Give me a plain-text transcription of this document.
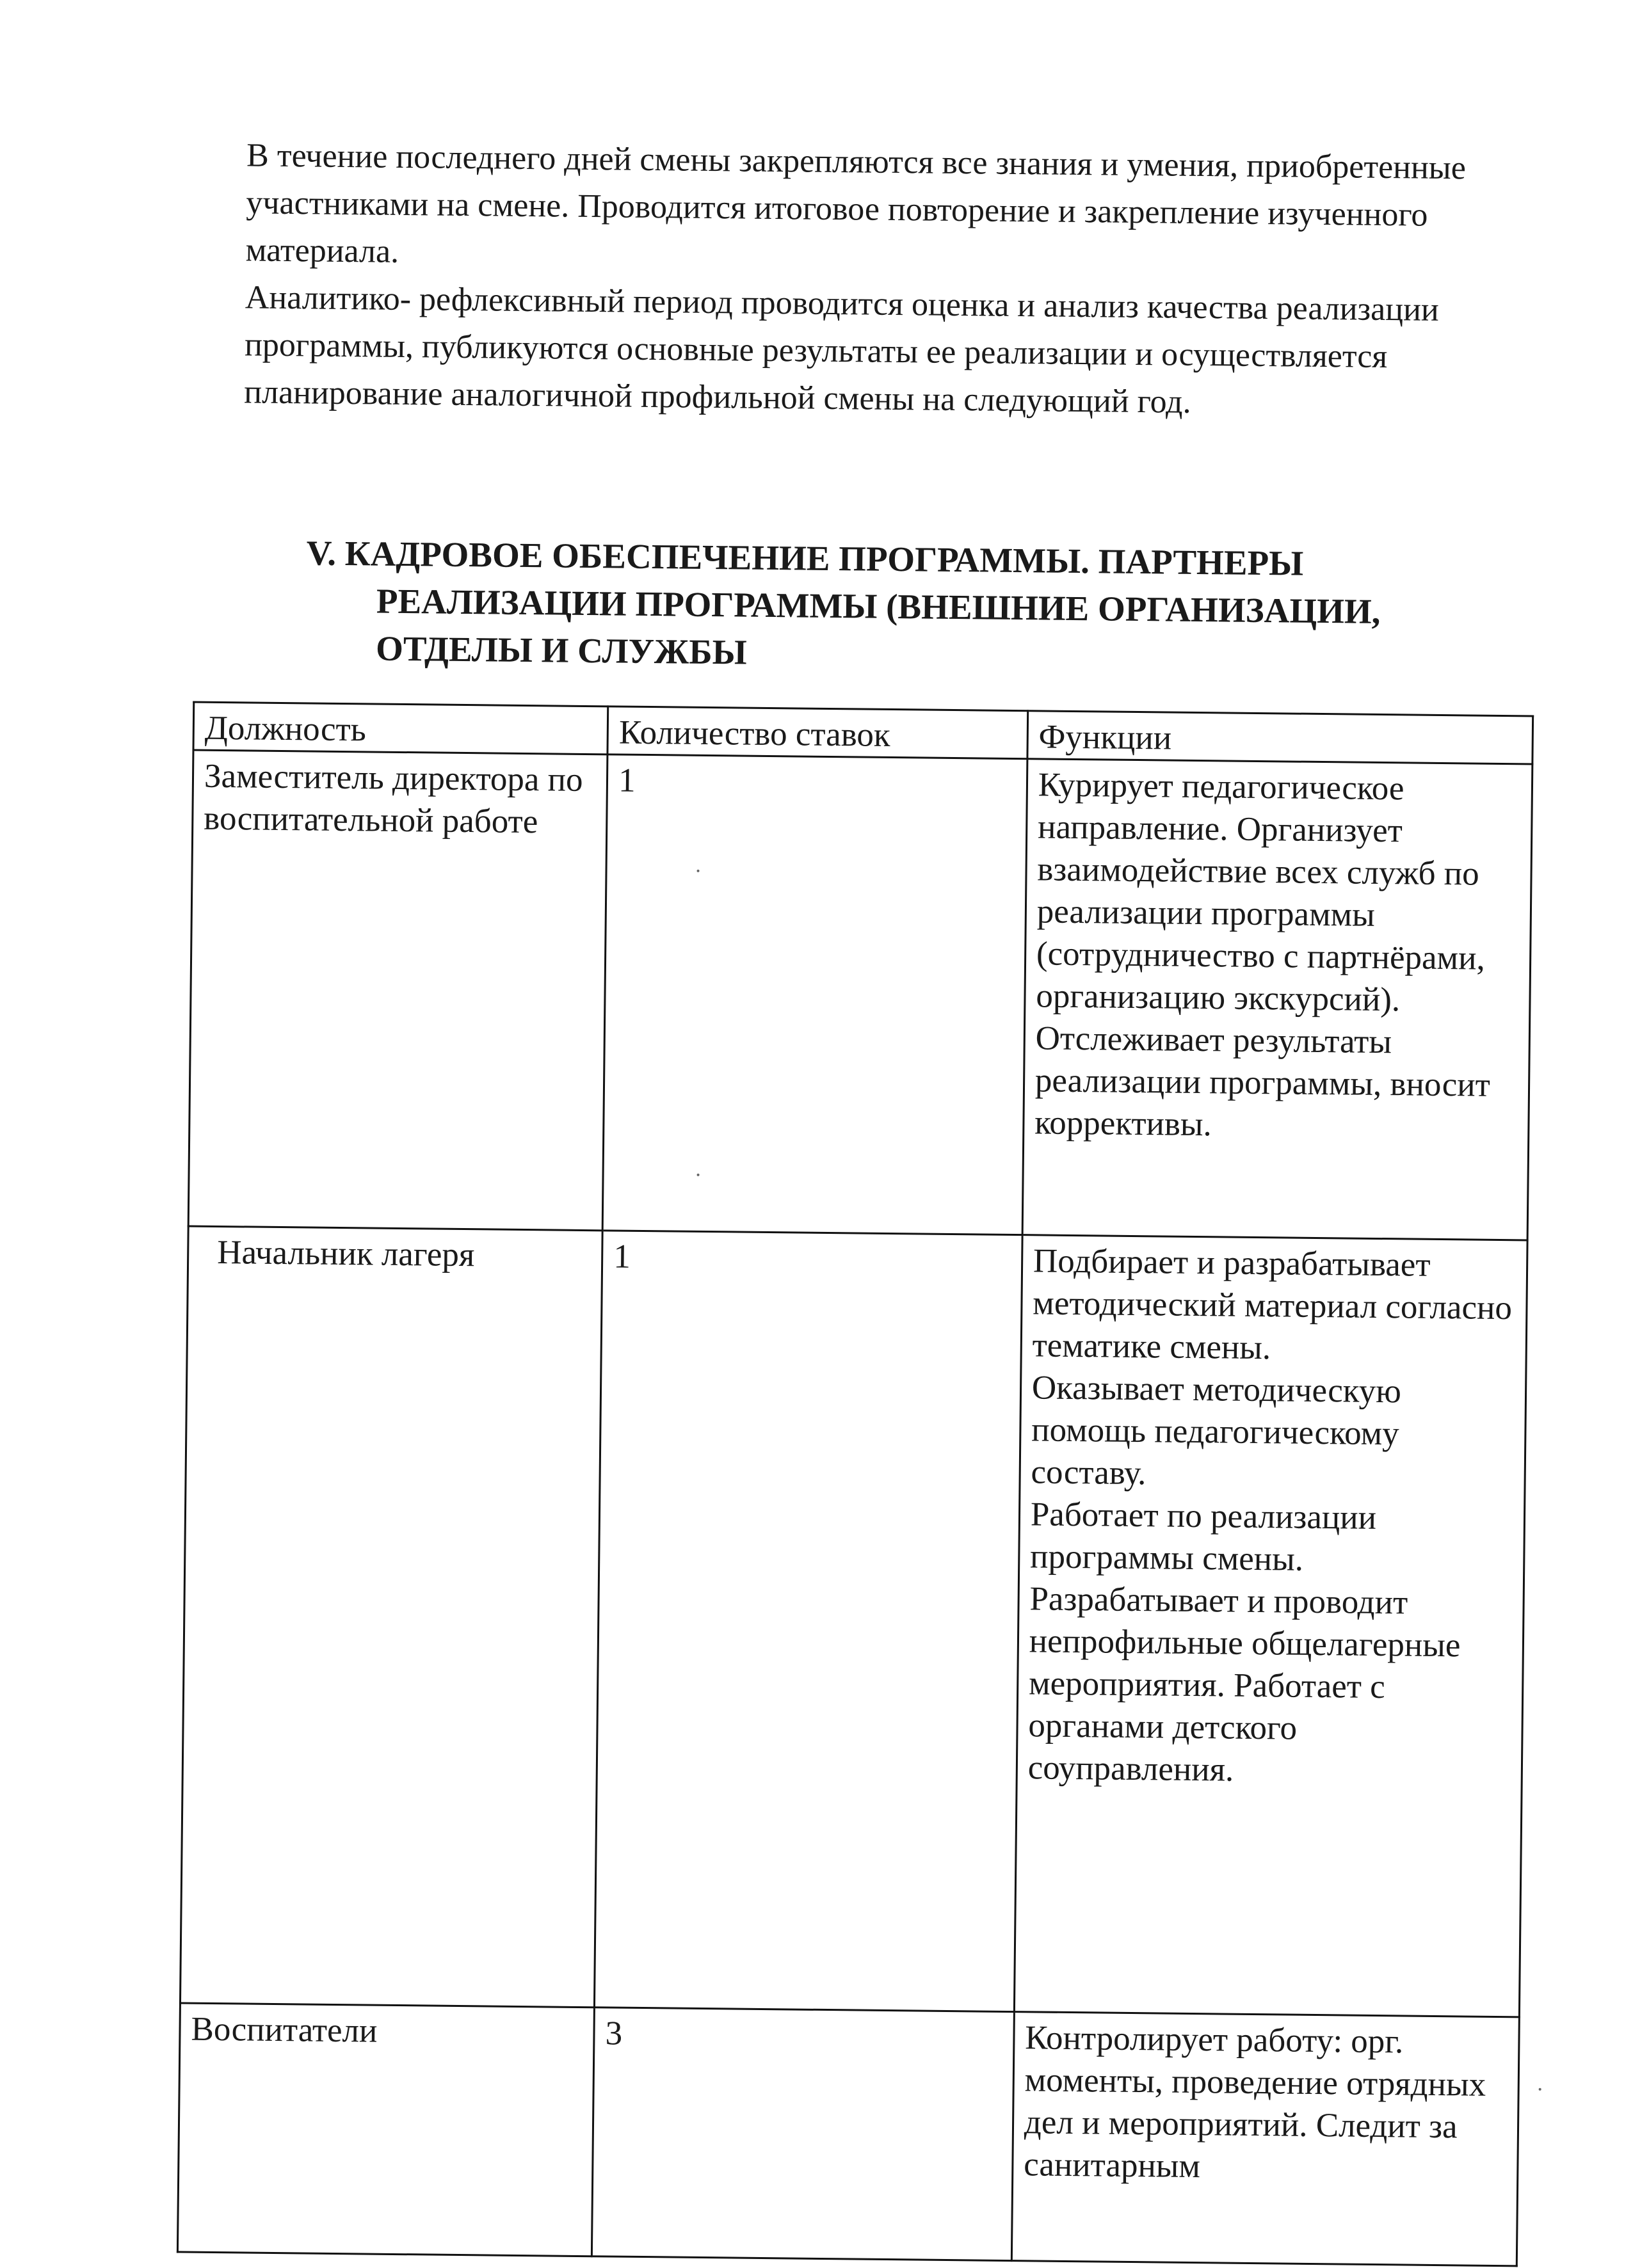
В течение последнего дней смены закрепляются все знания и умения, приобретенные участниками на смене. Проводится итоговое повторение и закрепление изученного материала.

Аналитико- рефлексивный период проводится оценка и анализ качества реализации программы, публикуются основные результаты ее реализации и осуществляется планирование аналогичной профильной смены на следующий год.

V. КАДРОВОЕ ОБЕСПЕЧЕНИЕ ПРОГРАММЫ. ПАРТНЕРЫ
РЕАЛИЗАЦИИ ПРОГРАММЫ (ВНЕШНИЕ ОРГАНИЗАЦИИ,
ОТДЕЛЫ И СЛУЖБЫ
Должность	Количество ставок	Функции
Заместитель директора по воспитательной работе	1	Курирует педагогическое направление. Организует взаимодействие всех служб по реализации программы (сотрудничество с партнёрами, организацию экскурсий). Отслеживает результаты реализации программы, вносит коррективы.
Начальник лагеря	1	Подбирает и разрабатывает методический материал согласно тематике смены.
Оказывает методическую помощь педагогическому составу.
Работает по реализации программы смены.
Разрабатывает и проводит непрофильные общелагерные мероприятия. Работает с органами детского соуправления.

Воспитатели	3	Контролирует работу: орг. моменты, проведение отрядных дел и мероприятий. Следит за санитарным
